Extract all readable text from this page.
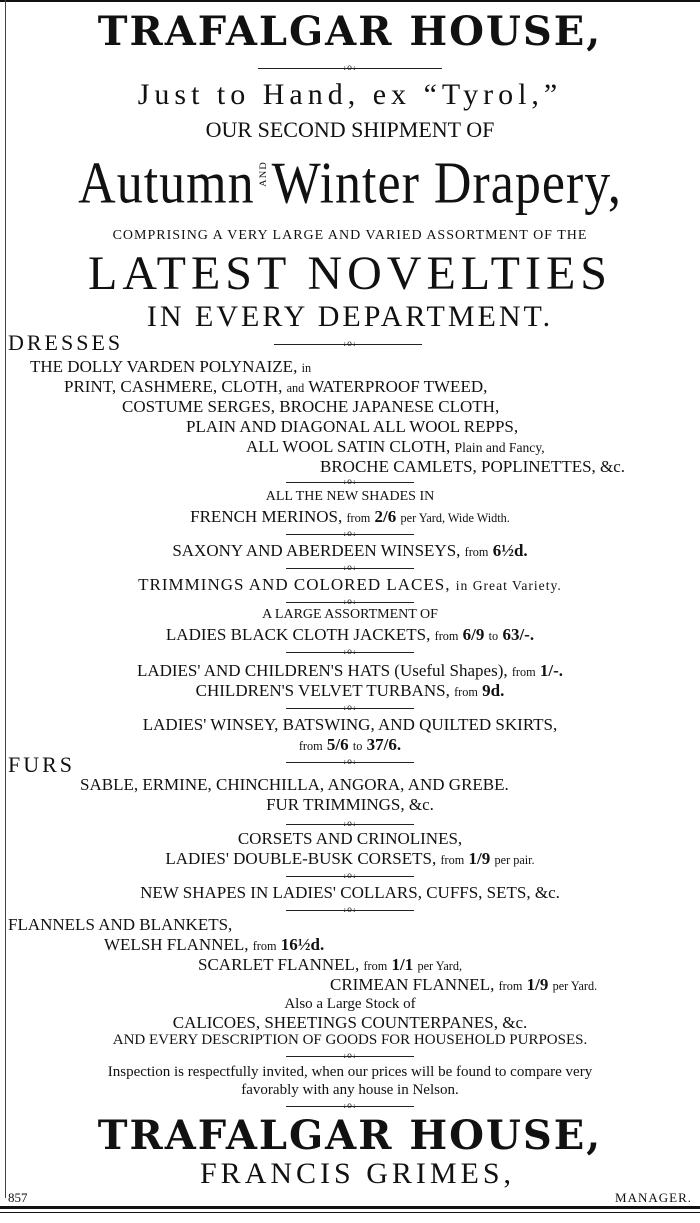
TRAFALGAR HOUSE,
Just to Hand, ex “Tyrol,”
OUR SECOND SHIPMENT OF
Autumn ANDWinter Drapery,
COMPRISING A VERY LARGE AND VARIED ASSORTMENT OF THE
LATEST NOVELTIES
IN EVERY DEPARTMENT.
DRESSES
THE DOLLY VARDEN POLYNAIZE, in
PRINT, CASHMERE, CLOTH, and WATERPROOF TWEED,
COSTUME SERGES, BROCHE JAPANESE CLOTH,
PLAIN AND DIAGONAL ALL WOOL REPPS,
ALL WOOL SATIN CLOTH, Plain and Fancy,
BROCHE CAMLETS, POPLINETTES, &c.
ALL THE NEW SHADES IN
FRENCH MERINOS, from 2/6 per Yard, Wide Width.
SAXONY AND ABERDEEN WINSEYS, from 6½d.
TRIMMINGS AND COLORED LACES, in Great Variety.
A LARGE ASSORTMENT OF
LADIES BLACK CLOTH JACKETS, from 6/9 to 63/-.
LADIES' AND CHILDREN'S HATS (Useful Shapes), from 1/-.
CHILDREN'S VELVET TURBANS, from 9d.
LADIES' WINSEY, BATSWING, AND QUILTED SKIRTS,
from 5/6 to 37/6.
FURS
SABLE, ERMINE, CHINCHILLA, ANGORA, AND GREBE.
FUR TRIMMINGS, &c.
CORSETS AND CRINOLINES,
LADIES' DOUBLE-BUSK CORSETS, from 1/9 per pair.
NEW SHAPES IN LADIES' COLLARS, CUFFS, SETS, &c.
FLANNELS AND BLANKETS,
WELSH FLANNEL, from 16½d.
SCARLET FLANNEL, from 1/1 per Yard,
CRIMEAN FLANNEL, from 1/9 per Yard.
Also a Large Stock of
CALICOES, SHEETINGS COUNTERPANES, &c.
AND EVERY DESCRIPTION OF GOODS FOR HOUSEHOLD PURPOSES.
Inspection is respectfully invited, when our prices will be found to compare very
favorably with any house in Nelson.
TRAFALGAR HOUSE,
FRANCIS GRIMES,
857	MANAGER.
